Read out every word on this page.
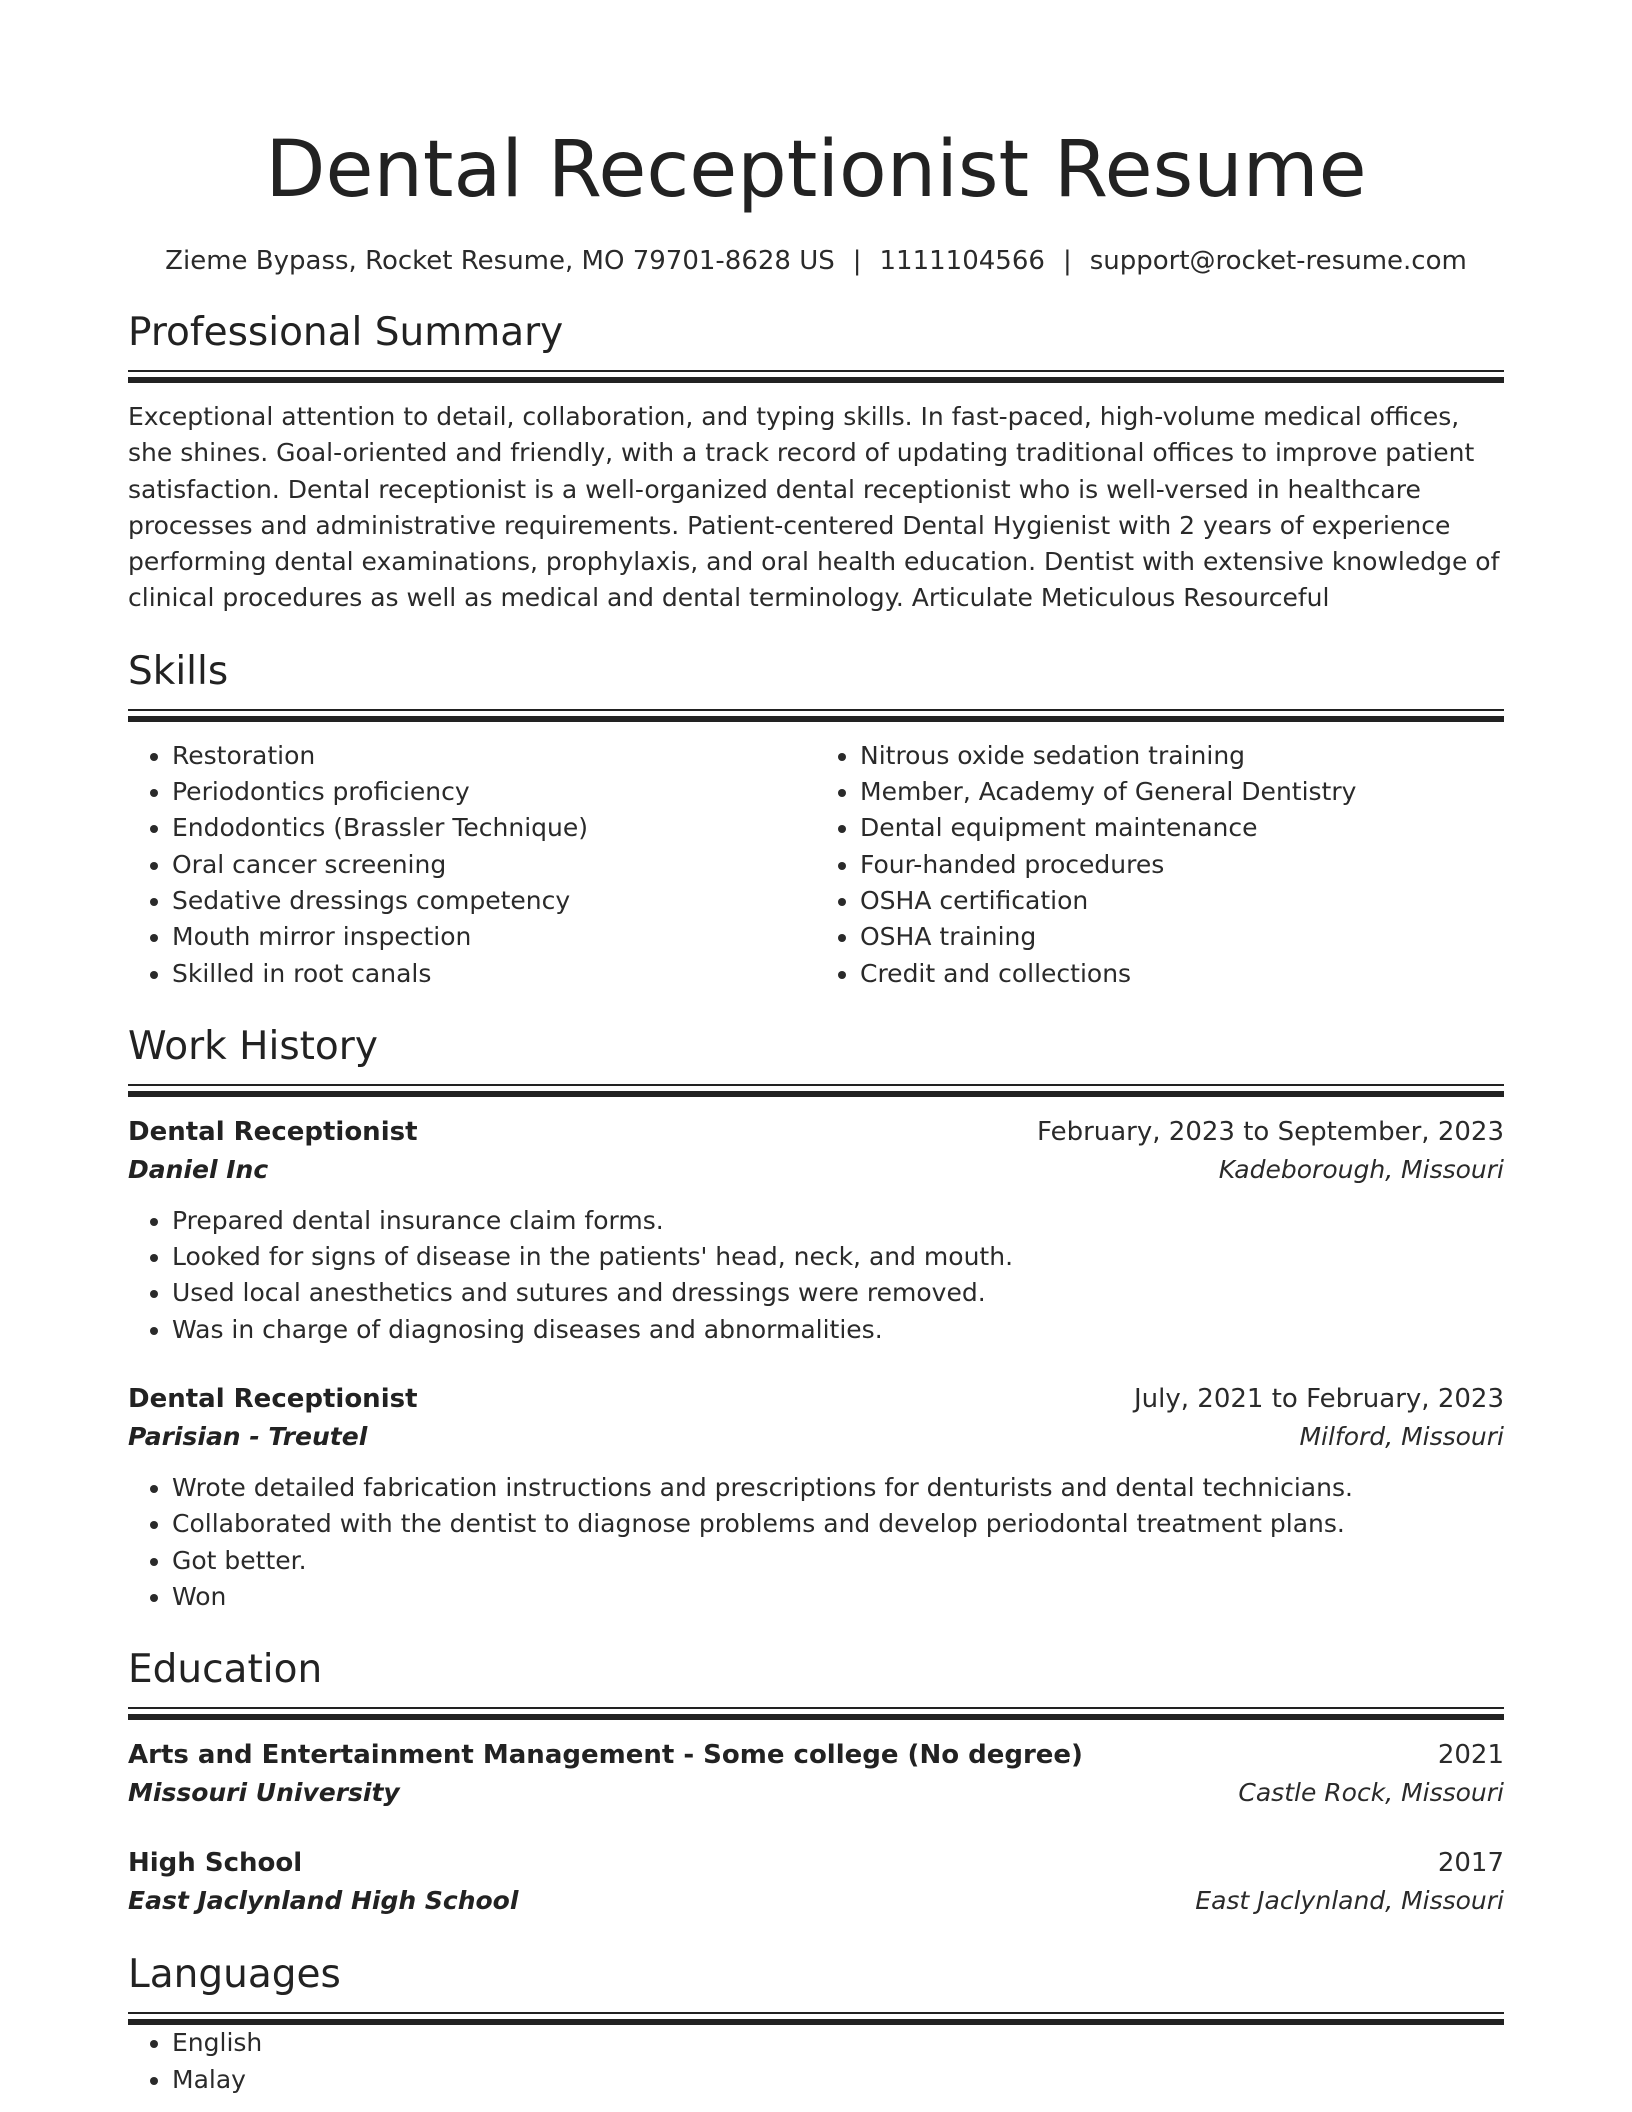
Dental Receptionist Resume
Zieme Bypass, Rocket Resume, MO 79701-8628 US | 1111104566 | support@rocket-resume.com
Professional Summary

Exceptional attention to detail, collaboration, and typing skills. In fast-paced, high-volume medical offices, she shines. Goal-oriented and friendly, with a track record of updating traditional offices to improve patient satisfaction. Dental receptionist is a well-organized dental receptionist who is well-versed in healthcare processes and administrative requirements. Patient-centered Dental Hygienist with 2 years of experience performing dental examinations, prophylaxis, and oral health education. Dentist with extensive knowledge of clinical procedures as well as medical and dental terminology. Articulate Meticulous Resourceful

Skills
• Restoration
• Periodontics proficiency
• Endodontics (Brassler Technique)
• Oral cancer screening
• Sedative dressings competency
• Mouth mirror inspection
• Skilled in root canals
• Nitrous oxide sedation training
• Member, Academy of General Dentistry
• Dental equipment maintenance
• Four-handed procedures
• OSHA certification
• OSHA training
• Credit and collections
Work History
Dental Receptionist	February, 2023 to September, 2023
Daniel Inc	Kadeborough, Missouri
• Prepared dental insurance claim forms.
• Looked for signs of disease in the patients' head, neck, and mouth.
• Used local anesthetics and sutures and dressings were removed.
• Was in charge of diagnosing diseases and abnormalities.
Dental Receptionist	July, 2021 to February, 2023
Parisian - Treutel	Milford, Missouri
• Wrote detailed fabrication instructions and prescriptions for denturists and dental technicians.
• Collaborated with the dentist to diagnose problems and develop periodontal treatment plans.
• Got better.
• Won
Education
Arts and Entertainment Management - Some college (No degree)	2021
Missouri University	Castle Rock, Missouri
High School	2017
East Jaclynland High School	East Jaclynland, Missouri
Languages
• English
• Malay
